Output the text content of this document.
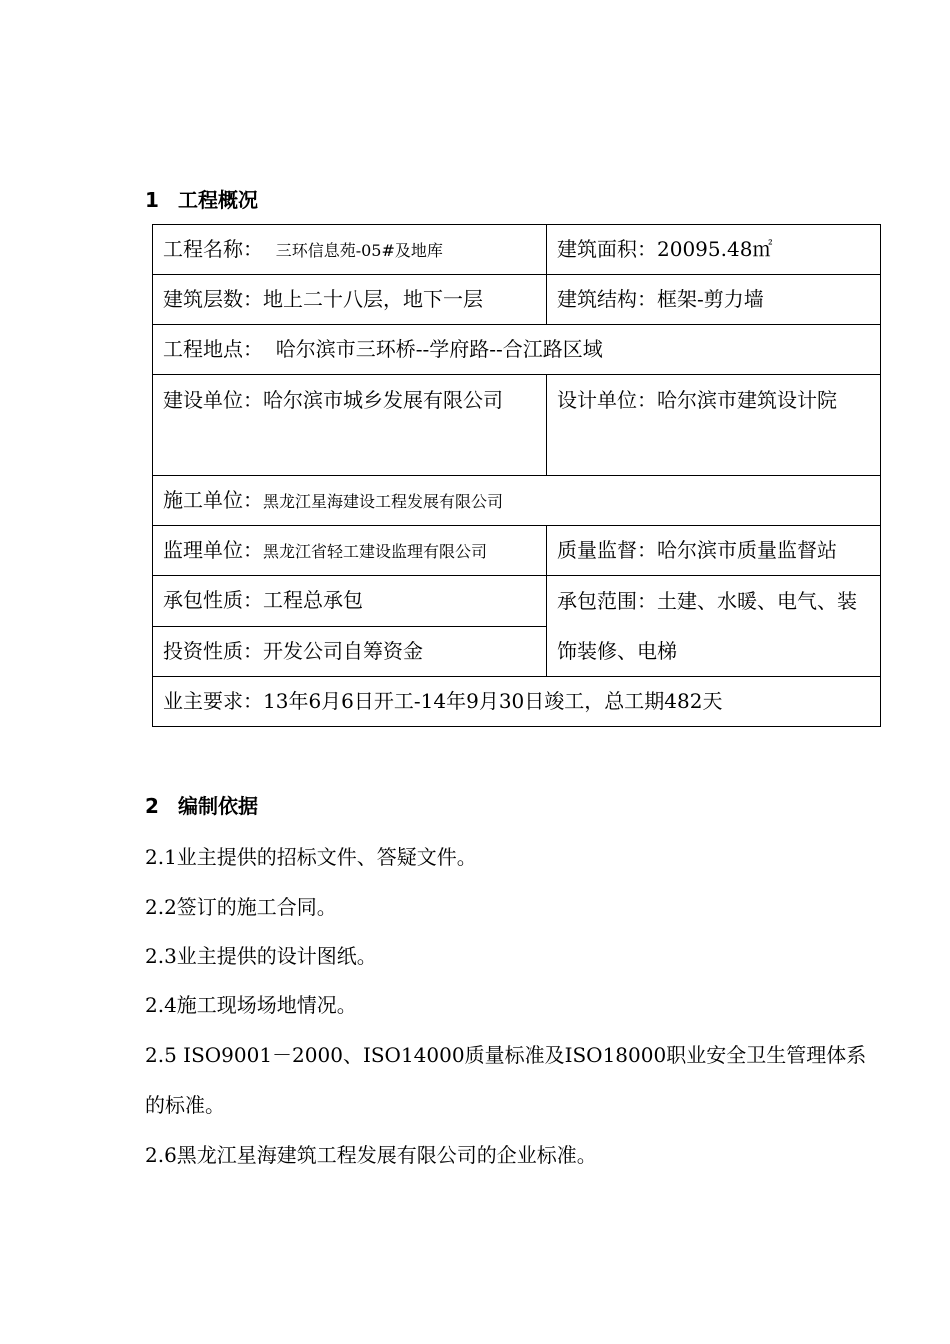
1 工程概况
工程名称： 三环信息苑-05#及地库	建筑面积：20095.48㎡
建筑层数：地上二十八层，地下一层	建筑结构：框架-剪力墙
工程地点： 哈尔滨市三环桥--学府路--合江路区域	
建设单位：哈尔滨市城乡发展有限公司	设计单位：哈尔滨市建筑设计院
施工单位：黑龙江星海建设工程发展有限公司	
监理单位：黑龙江省轻工建设监理有限公司	质量监督：哈尔滨市质量监督站
承包性质：工程总承包	承包范围：土建、水暖、电气、装饰装修、电梯
投资性质：开发公司自筹资金	
业主要求：13年6月6日开工-14年9月30日竣工，总工期482天	
2 编制依据
2.1业主提供的招标文件、答疑文件。
2.2签订的施工合同。
2.3业主提供的设计图纸。
2.4施工现场场地情况。
2.5 ISO9001－2000、ISO14000质量标准及ISO18000职业安全卫生管理体系的标准。
2.6黑龙江星海建筑工程发展有限公司的企业标准。
